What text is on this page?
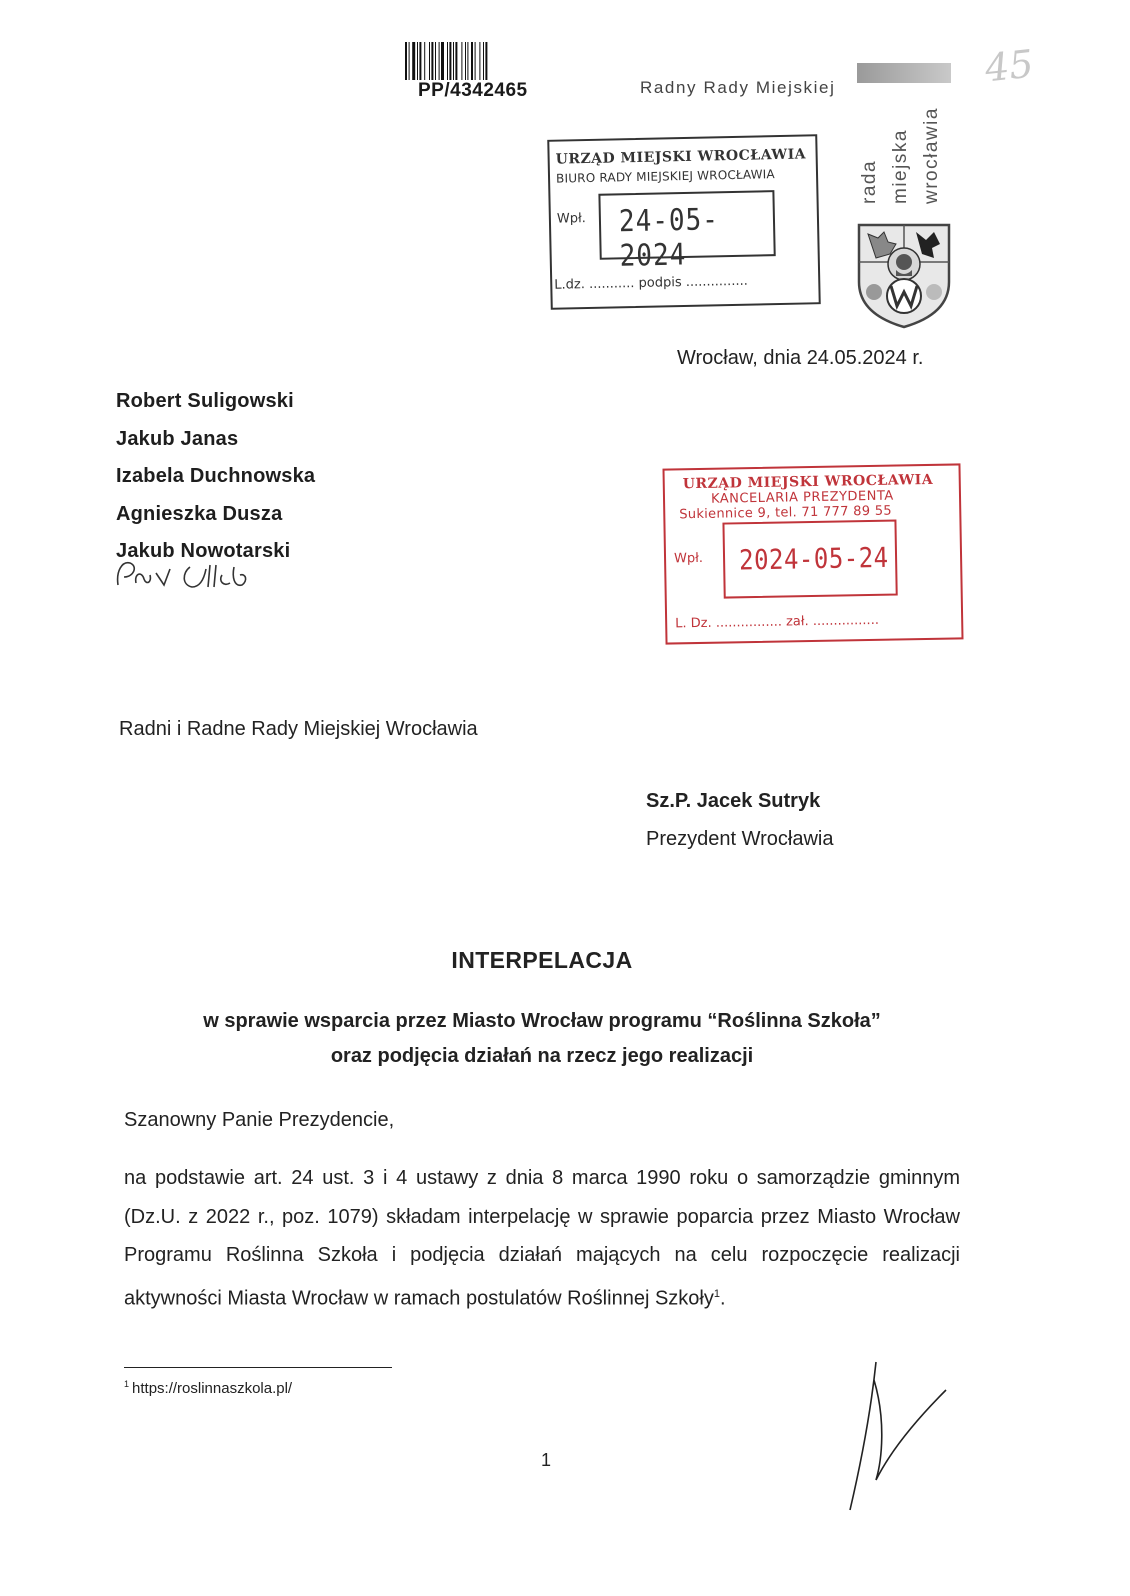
PP/4342465
45
Radny Rady Miejskiej
rada miejska wrocławia
URZĄD MIEJSKI WROCŁAWIA
BIURO RADY MIEJSKIEJ WROCŁAWIA
Wpł. 24-05-2024
L.dz. ........... podpis ...............
Wrocław, dnia 24.05.2024 r.
Robert Suligowski
Jakub Janas
Izabela Duchnowska
Agnieszka Dusza
Jakub Nowotarski
URZĄD MIEJSKI WROCŁAWIA
KANCELARIA PREZYDENTA
Sukiennice 9, tel. 71 777 89 55
Wpł. 2024-05-24
L. Dz. ................ zał. ................
Radni i Radne Rady Miejskiej Wrocławia
Sz.P. Jacek Sutryk
Prezydent Wrocławia
INTERPELACJA
w sprawie wsparcia przez Miasto Wrocław programu “Roślinna Szkoła”
oraz podjęcia działań na rzecz jego realizacji
Szanowny Panie Prezydencie,
na podstawie art. 24 ust. 3 i 4 ustawy z dnia 8 marca 1990 roku o samorządzie gminnym (Dz.U. z 2022 r., poz. 1079) składam interpelację w sprawie poparcia przez Miasto Wrocław Programu Roślinna Szkoła i podjęcia działań mających na celu rozpoczęcie realizacji aktywności Miasta Wrocław w ramach postulatów Roślinnej Szkoły$^1$.
$^1$ https://roslinnaszkola.pl/
1
